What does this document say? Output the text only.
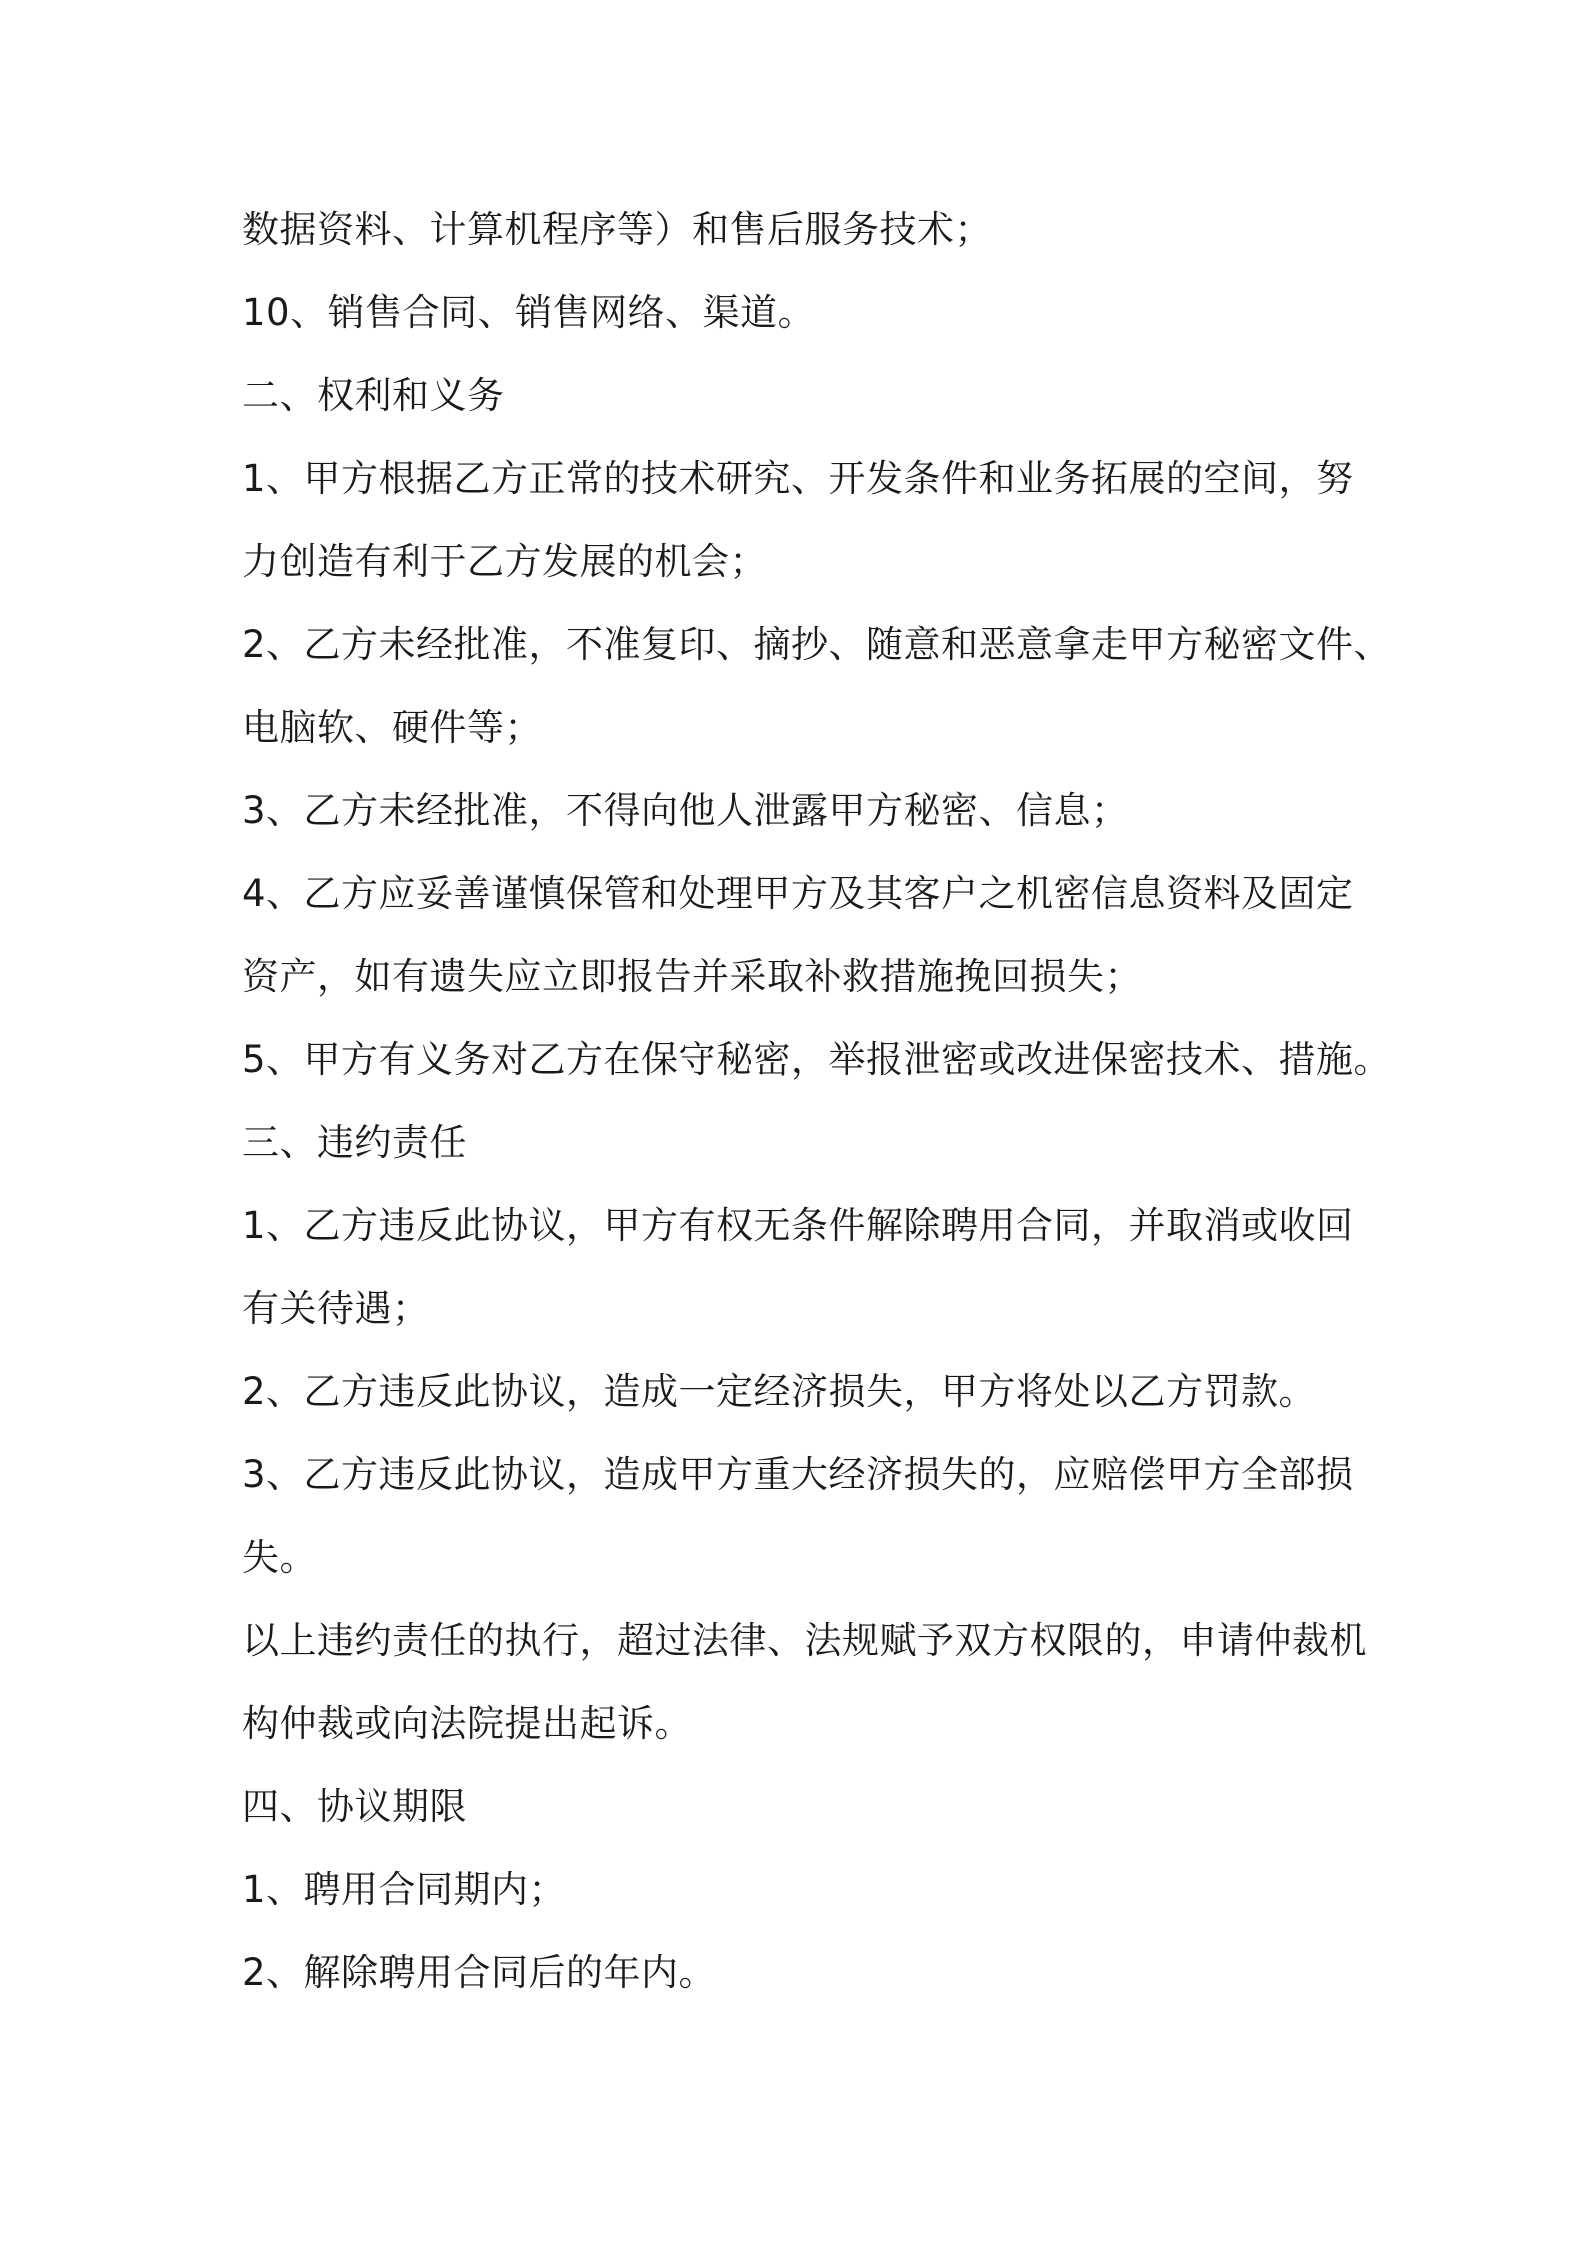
数据资料、计算机程序等）和售后服务技术；
10、销售合同、销售网络、渠道。
二、权利和义务
1、甲方根据乙方正常的技术研究、开发条件和业务拓展的空间，努
力创造有利于乙方发展的机会；
2、乙方未经批准，不准复印、摘抄、随意和恶意拿走甲方秘密文件、
电脑软、硬件等；
3、乙方未经批准，不得向他人泄露甲方秘密、信息；
4、乙方应妥善谨慎保管和处理甲方及其客户之机密信息资料及固定
资产，如有遗失应立即报告并采取补救措施挽回损失；
5、甲方有义务对乙方在保守秘密，举报泄密或改进保密技术、措施。
三、违约责任
1、乙方违反此协议，甲方有权无条件解除聘用合同，并取消或收回
有关待遇；
2、乙方违反此协议，造成一定经济损失，甲方将处以乙方罚款。
3、乙方违反此协议，造成甲方重大经济损失的，应赔偿甲方全部损
失。
以上违约责任的执行，超过法律、法规赋予双方权限的，申请仲裁机
构仲裁或向法院提出起诉。
四、协议期限
1、聘用合同期内；
2、解除聘用合同后的年内。
